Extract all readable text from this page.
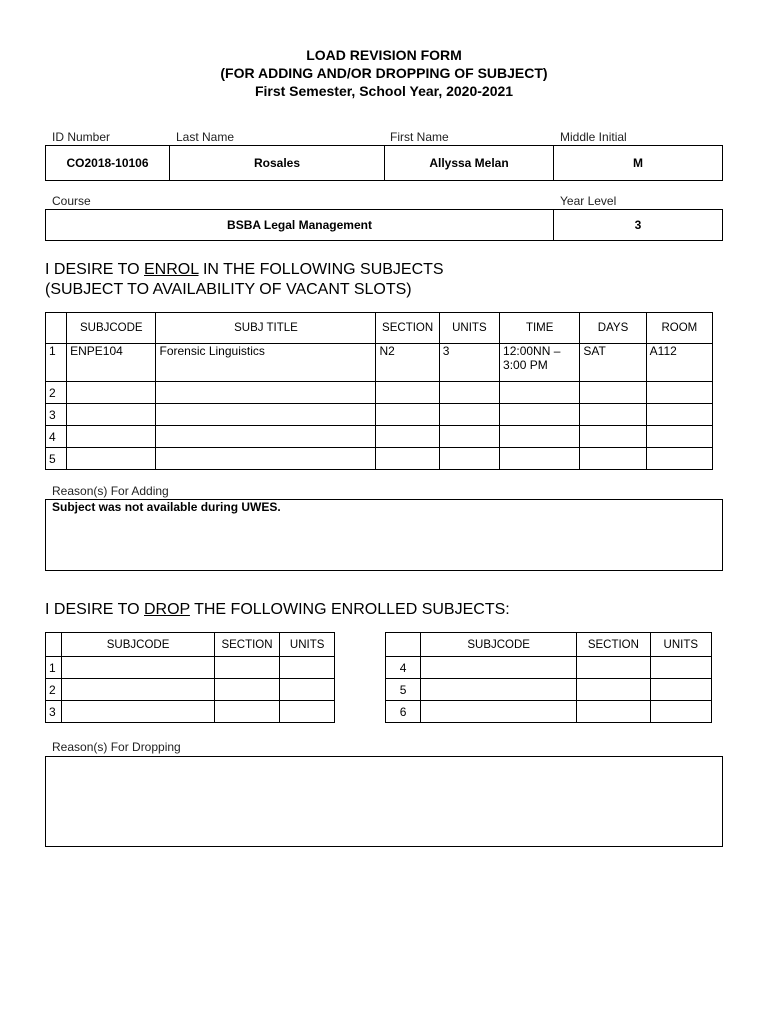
LOAD REVISION FORM
(FOR ADDING AND/OR DROPPING OF SUBJECT)
First Semester, School Year, 2020-2021
ID Number	Last Name	First Name	Middle Initial
CO2018-10106	Rosales	Allyssa Melan	M
Course	Year Level
BSBA Legal Management	3
I DESIRE TO ENROL IN THE FOLLOWING SUBJECTS
(SUBJECT TO AVAILABILITY OF VACANT SLOTS)
	SUBJCODE	SUBJ TITLE	SECTION	UNITS	TIME	DAYS	ROOM
1	ENPE104	Forensic Linguistics	N2	3	12:00NN – 3:00 PM	SAT	A112
2							
3							
4							
5							
Reason(s) For Adding
Subject was not available during UWES.
I DESIRE TO DROP THE FOLLOWING ENROLLED SUBJECTS:
	SUBJCODE	SECTION	UNITS
1			
2			
3			
	SUBJCODE	SECTION	UNITS
4			
5			
6			
Reason(s) For Dropping
